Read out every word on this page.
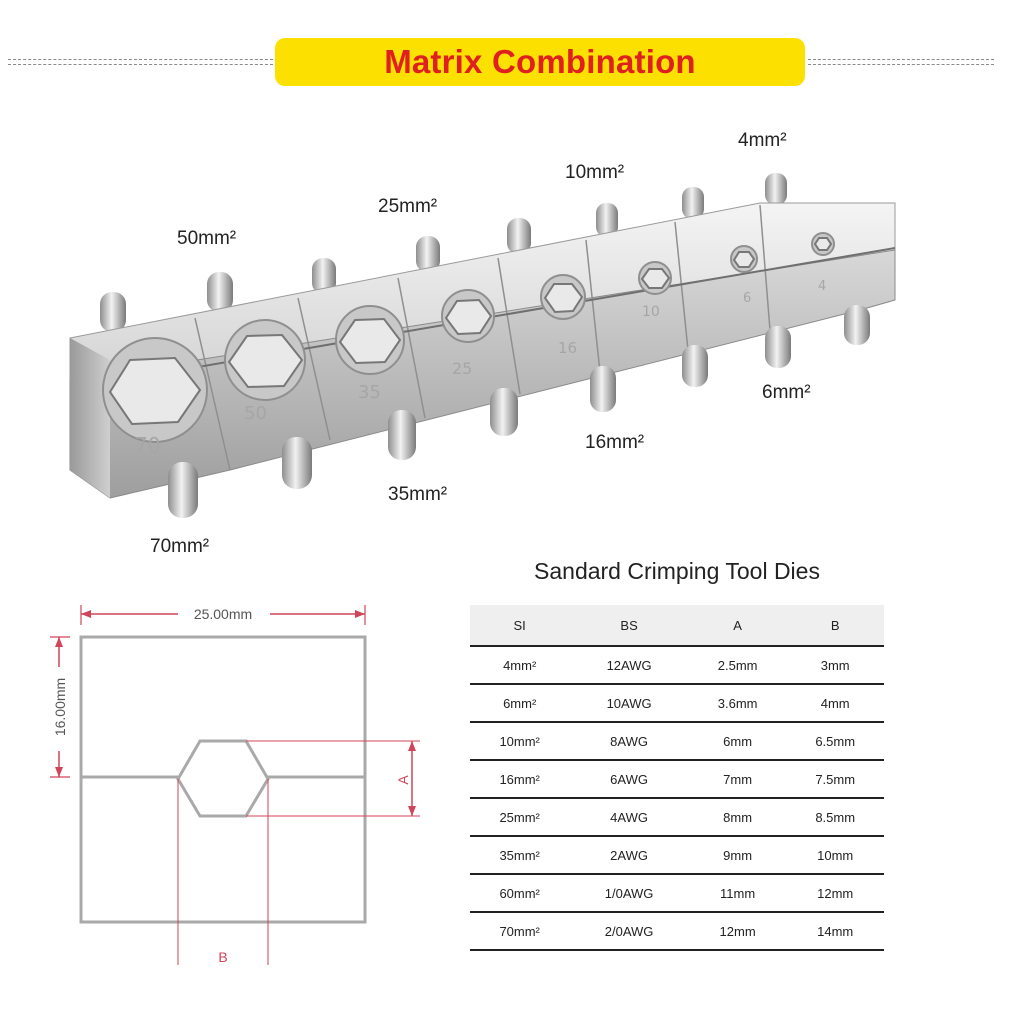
Matrix Combination
70
50
35
25
16
10
6
4
50mm²
25mm²
10mm²
4mm²
6mm²
16mm²
35mm²
70mm²
25.00mm
16.00mm
A
B
Sandard Crimping Tool Dies
SI	BS	A	B
4mm²	12AWG	2.5mm	3mm
6mm²	10AWG	3.6mm	4mm
10mm²	8AWG	6mm	6.5mm
16mm²	6AWG	7mm	7.5mm
25mm²	4AWG	8mm	8.5mm
35mm²	2AWG	9mm	10mm
60mm²	1/0AWG	11mm	12mm
70mm²	2/0AWG	12mm	14mm
